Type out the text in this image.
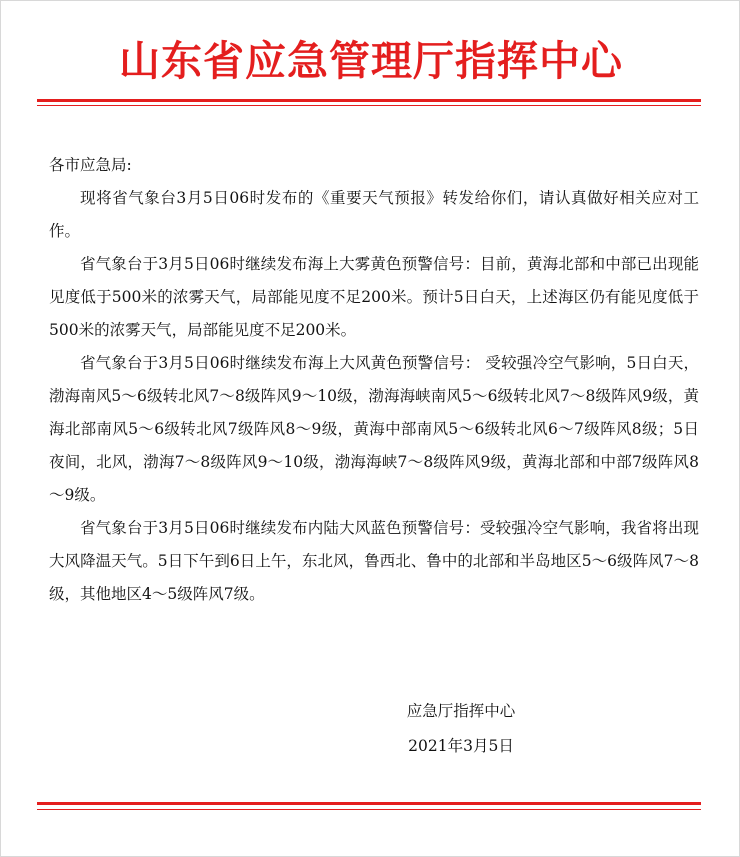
山东省应急管理厅指挥中心

各市应急局:

现将省气象台3月5日06时发布的《重要天气预报》转发给你们，请认真做好相关应对工作。

省气象台于3月5日06时继续发布海上大雾黄色预警信号：目前，黄海北部和中部已出现能见度低于500米的浓雾天气，局部能见度不足200米。预计5日白天，上述海区仍有能见度低于500米的浓雾天气，局部能见度不足200米。

省气象台于3月5日06时继续发布海上大风黄色预警信号： 受较强冷空气影响，5日白天，渤海南风5～6级转北风7～8级阵风9～10级，渤海海峡南风5～6级转北风7～8级阵风9级，黄海北部南风5～6级转北风7级阵风8～9级，黄海中部南风5～6级转北风6～7级阵风8级；5日夜间，北风，渤海7～8级阵风9～10级，渤海海峡7～8级阵风9级，黄海北部和中部7级阵风8～9级。

省气象台于3月5日06时继续发布内陆大风蓝色预警信号：受较强冷空气影响，我省将出现大风降温天气。5日下午到6日上午，东北风，鲁西北、鲁中的北部和半岛地区5～6级阵风7～8级，其他地区4～5级阵风7级。

应急厅指挥中心
2021年3月5日
